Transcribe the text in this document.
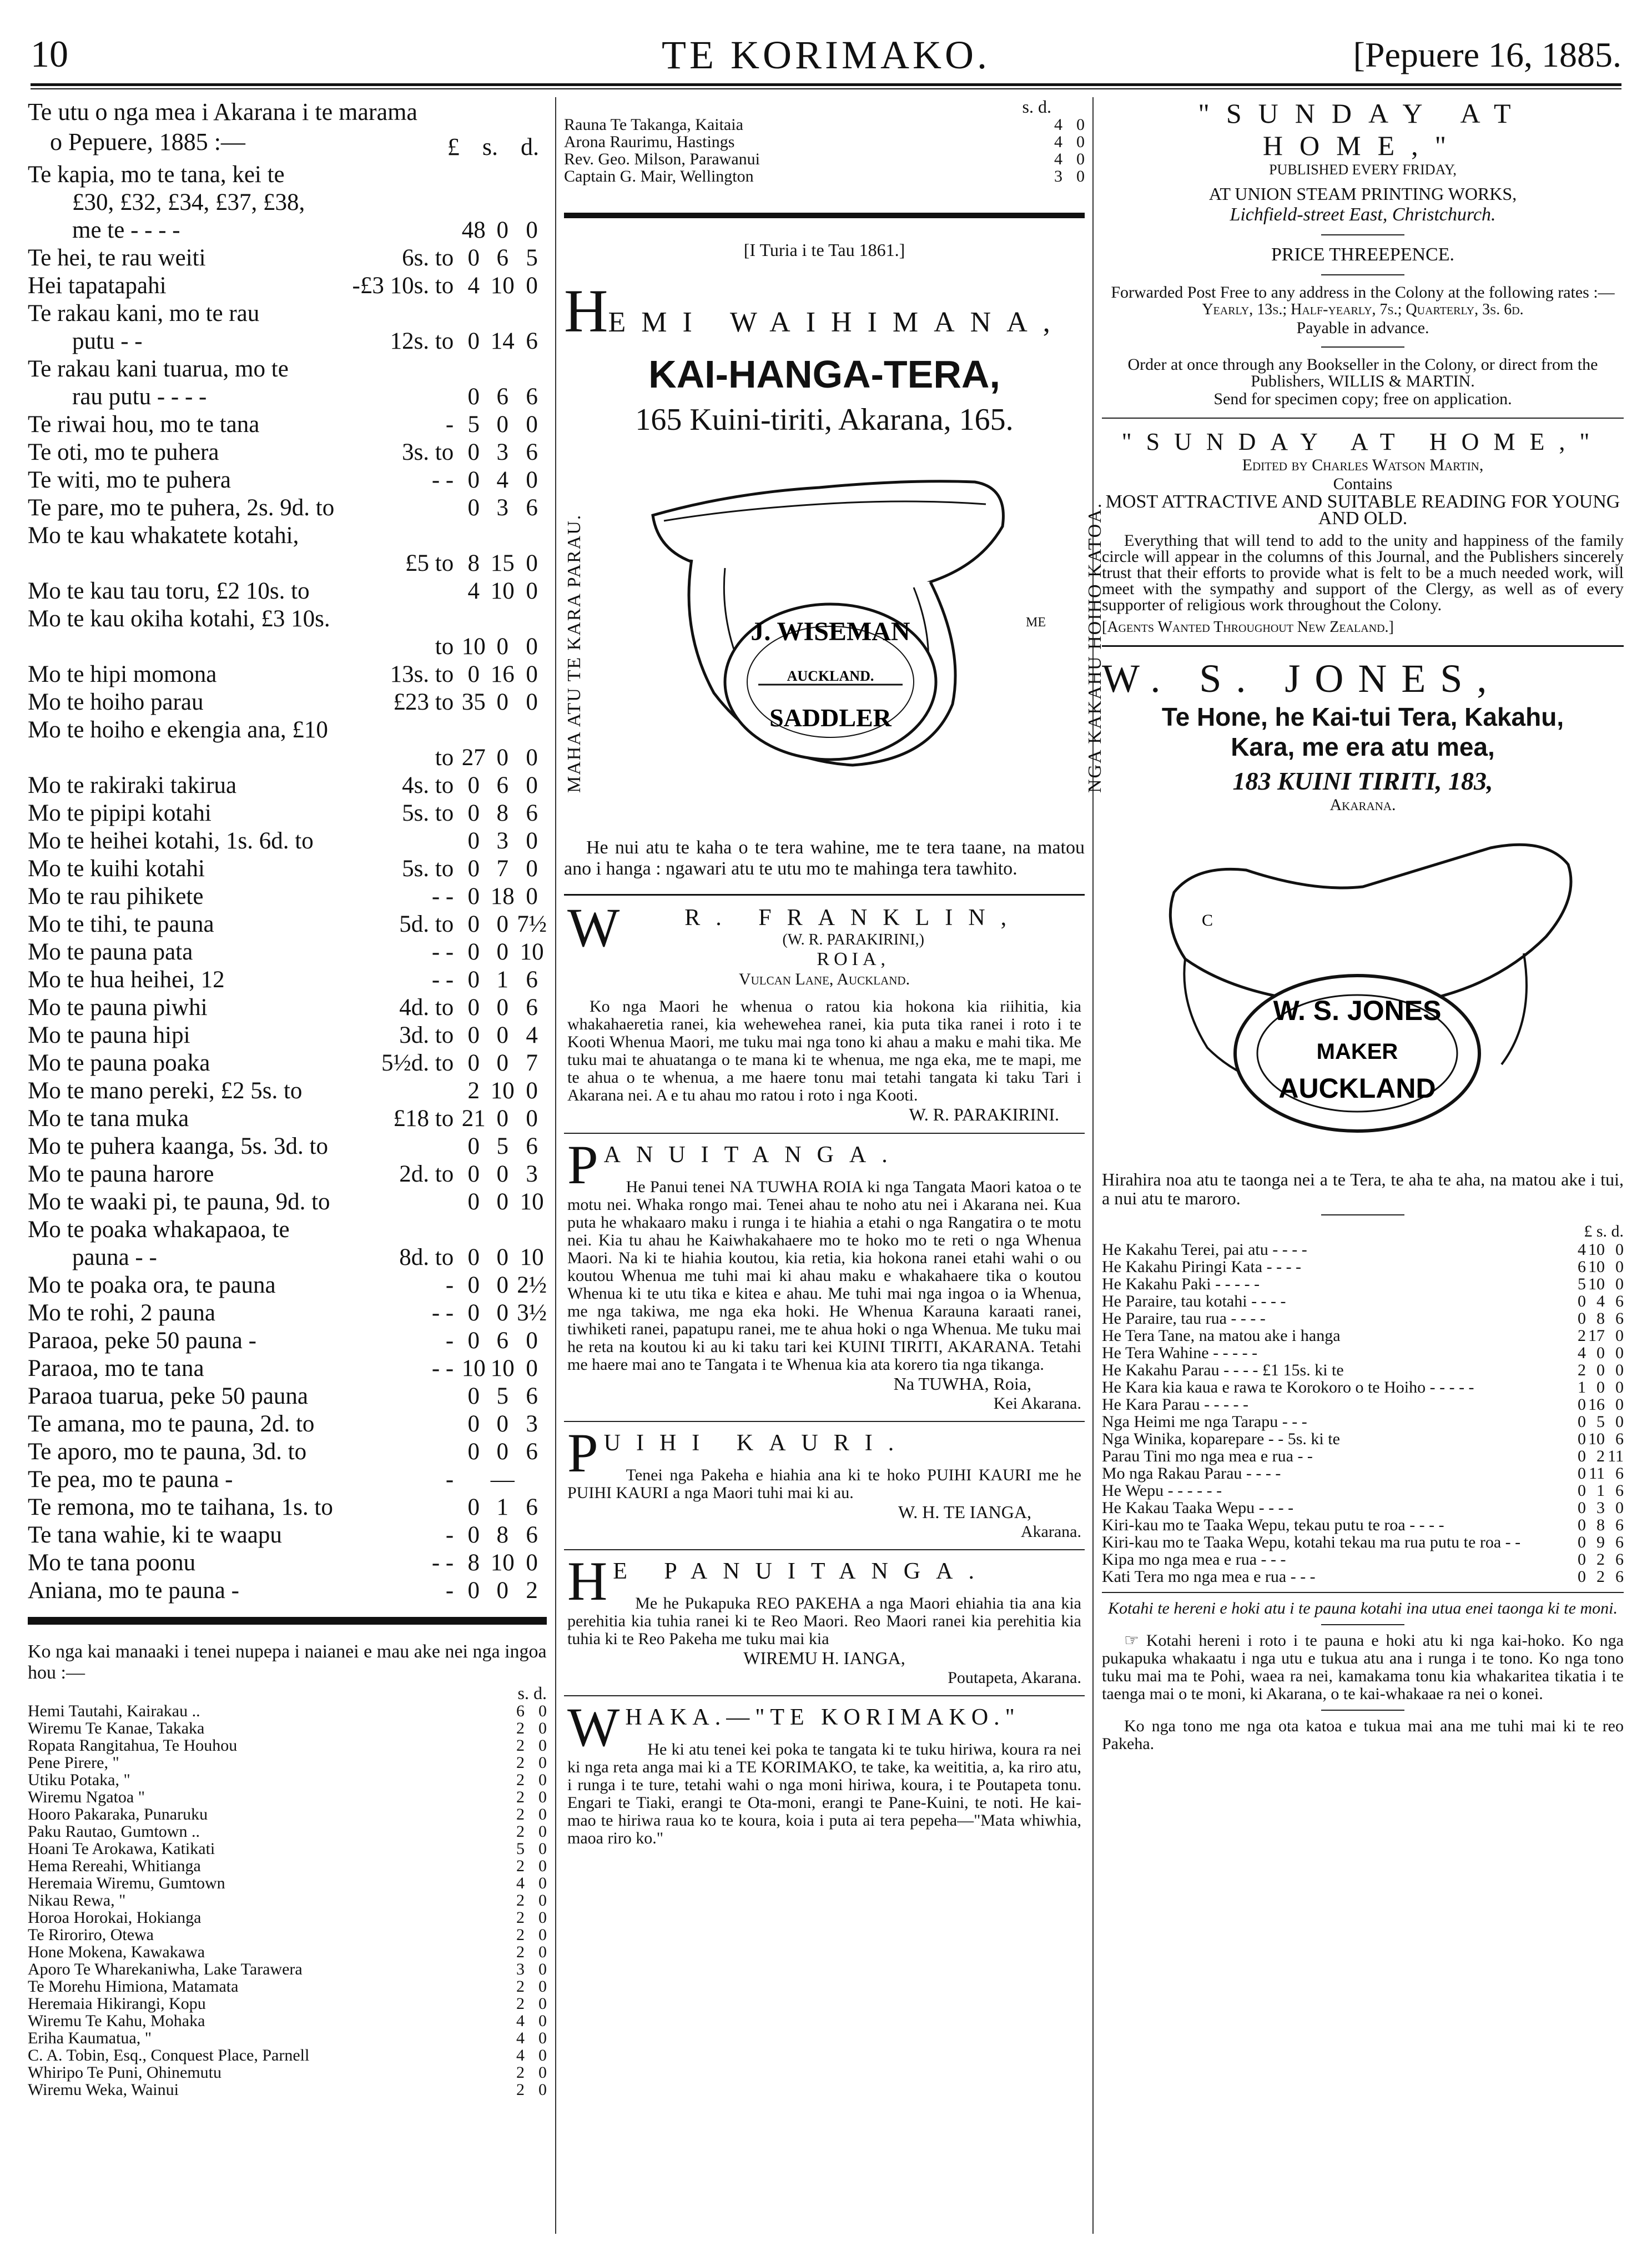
10	TE KORIMAKO.	[Pepuere 16, 1885.
Te utu o nga mea i Akarana i te marama
o Pepuere, 1885 :—	£ s. d.
Te kapia, mo te tana, kei te				
£30, £32, £34, £37, £38,				
me te - - - -		48	0	0
Te hei, te rau weiti	6s. to	0	6	5
Hei tapatapahi	-£3 10s. to	4	10	0
Te rakau kani, mo te rau				
putu - -	12s. to	0	14	6
Te rakau kani tuarua, mo te				
rau putu - - - -		0	6	6
Te riwai hou, mo te tana	-	5	0	0
Te oti, mo te puhera	3s. to	0	3	6
Te witi, mo te puhera	- -	0	4	0
Te pare, mo te puhera, 2s. 9d. to		0	3	6
Mo te kau whakatete kotahi,				
	£5 to	8	15	0
Mo te kau tau toru, £2 10s. to		4	10	0
Mo te kau okiha kotahi, £3 10s.				
	to	10	0	0
Mo te hipi momona	13s. to	0	16	0
Mo te hoiho parau	£23 to	35	0	0
Mo te hoiho e ekengia ana, £10				
	to	27	0	0
Mo te rakiraki takirua	4s. to	0	6	0
Mo te pipipi kotahi	5s. to	0	8	6
Mo te heihei kotahi, 1s. 6d. to		0	3	0
Mo te kuihi kotahi	5s. to	0	7	0
Mo te rau pihikete	- -	0	18	0
Mo te tihi, te pauna	5d. to	0	0	7½
Mo te pauna pata	- -	0	0	10
Mo te hua heihei, 12	- -	0	1	6
Mo te pauna piwhi	4d. to	0	0	6
Mo te pauna hipi	3d. to	0	0	4
Mo te pauna poaka	5½d. to	0	0	7
Mo te mano pereki, £2 5s. to		2	10	0
Mo te tana muka	£18 to	21	0	0
Mo te puhera kaanga, 5s. 3d. to		0	5	6
Mo te pauna harore	2d. to	0	0	3
Mo te waaki pi, te pauna, 9d. to		0	0	10
Mo te poaka whakapaoa, te				
pauna - -	8d. to	0	0	10
Mo te poaka ora, te pauna	-	0	0	2½
Mo te rohi, 2 pauna	- -	0	0	3½
Paraoa, peke 50 pauna -	-	0	6	0
Paraoa, mo te tana	- -	10	10	0
Paraoa tuarua, peke 50 pauna		0	5	6
Te amana, mo te pauna, 2d. to		0	0	3
Te aporo, mo te pauna, 3d. to		0	0	6
Te pea, mo te pauna -	-		—	
Te remona, mo te taihana, 1s. to		0	1	6
Te tana wahie, ki te waapu	-	0	8	6
Mo te tana poonu	- -	8	10	0
Aniana, mo te pauna -	-	0	0	2
Ko nga kai manaaki i tenei nupepa i naianei e mau ake nei nga ingoa hou :—
s. d.
Hemi Tautahi, Kairakau ..	6	0
Wiremu Te Kanae, Takaka	2	0
Ropata Rangitahua, Te Houhou	2	0
Pene Pirere, "	2	0
Utiku Potaka, "	2	0
Wiremu Ngatoa "	2	0
Hooro Pakaraka, Punaruku	2	0
Paku Rautao, Gumtown ..	2	0
Hoani Te Arokawa, Katikati	5	0
Hema Rereahi, Whitianga	2	0
Heremaia Wiremu, Gumtown	4	0
Nikau Rewa, "	2	0
Horoa Horokai, Hokianga	2	0
Te Riroriro, Otewa	2	0
Hone Mokena, Kawakawa	2	0
Aporo Te Wharekaniwha, Lake Tarawera	3	0
Te Morehu Himiona, Matamata	2	0
Heremaia Hikirangi, Kopu	2	0
Wiremu Te Kahu, Mohaka	4	0
Eriha Kaumatua, "	4	0
C. A. Tobin, Esq., Conquest Place, Parnell	4	0
Whiripo Te Puni, Ohinemutu	2	0
Wiremu Weka, Wainui	2	0
s. d.
Rauna Te Takanga, Kaitaia	4	0
Arona Raurimu, Hastings	4	0
Rev. Geo. Milson, Parawanui	4	0
Captain G. Mair, Wellington	3	0
[I Turia i te Tau 1861.]
HEMI WAIHIMANA,
KAI-HANGA-TERA,
165 Kuini-tiriti, Akarana, 165.
MAHA ATU TE KARA PARAU.	NGA KAKAHU HOIHO KATOA.
ME
J. WISEMAN
AUCKLAND.
SADDLER

He nui atu te kaha o te tera wahine, me te tera taane, na matou ano i hanga : ngawari atu te utu mo te mahinga tera tawhito.

W	R. FRANKLIN,
(W. R. PARAKIRINI,)
ROIA,
Vulcan Lane, Auckland.

Ko nga Maori he whenua o ratou kia hokona kia riihitia, kia whakahaeretia ranei, kia wehewehea ranei, kia puta tika ranei i roto i te Kooti Whenua Maori, me tuku mai nga tono ki ahau a maku e mahi tika. Me tuku mai te ahuatanga o te mana ki te whenua, me nga eka, me te mapi, me te ahua o te whenua, a me haere tonu mai tetahi tangata ki taku Tari i Akarana nei. A e tu ahau mo ratou i roto i nga Kooti.

W. R. PARAKIRINI.
P ANUITANGA.

He Panui tenei NA TUWHA ROIA ki nga Tangata Maori katoa o te motu nei. Whaka rongo mai. Tenei ahau te noho atu nei i Akarana nei. Kua puta he whakaaro maku i runga i te hiahia a etahi o nga Rangatira o te motu nei. Kia tu ahau he Kaiwhakahaere mo te hoko mo te reti o nga Whenua Maori. Na ki te hiahia koutou, kia retia, kia hokona ranei etahi wahi o ou koutou Whenua me tuhi mai ki ahau maku e whakahaere tika o koutou Whenua ki te utu tika e kitea e ahau. Me tuhi mai nga ingoa o ia Whenua, me nga takiwa, me nga eka hoki. He Whenua Karauna karaati ranei, tiwhiketi ranei, papatupu ranei, me te ahua hoki o nga Whenua. Me tuku mai he reta na koutou ki au ki taku tari kei KUINI TIRITI, AKARANA. Tetahi me haere mai ano te Tangata i te Whenua kia ata korero tia nga tikanga.

Na TUWHA, Roia,
Kei Akarana.
P UIHI KAURI.

Tenei nga Pakeha e hiahia ana ki te hoko PUIHI KAURI me he PUIHI KAURI a nga Maori tuhi mai ki au.

W. H. TE IANGA,
Akarana.
H E PANUITANGA.

Me he Pukapuka REO PAKEHA a nga Maori ehiahia tia ana kia perehitia kia tuhia ranei ki te Reo Maori. Reo Maori ranei kia perehitia kia tuhia ki te Reo Pakeha me tuku mai kia

WIREMU H. IANGA,
Poutapeta, Akarana.
W HAKA.—"TE KORIMAKO."

He ki atu tenei kei poka te tangata ki te tuku hiriwa, koura ra nei ki nga reta anga mai ki a TE KORIMAKO, te take, ka weititia, a, ka riro atu, i runga i te ture, tetahi wahi o nga moni hiriwa, koura, i te Poutapeta tonu. Engari te Tiaki, erangi te Ota-moni, erangi te Pane-Kuini, te noti. He kai-mao te hiriwa raua ko te koura, koia i puta ai tera pepeha—"Mata whiwhia, maoa riro ko."

"SUNDAY AT HOME,"
PUBLISHED EVERY FRIDAY,
AT UNION STEAM PRINTING WORKS,
Lichfield-street East, Christchurch.
PRICE THREEPENCE.
Forwarded Post Free to any address in the Colony at the following rates :—
Yearly, 13s.; Half-yearly, 7s.; Quarterly, 3s. 6d.
Payable in advance.
Order at once through any Bookseller in the Colony, or direct from the Publishers, WILLIS & MARTIN.
Send for specimen copy; free on application.
"SUNDAY AT HOME,"
Edited by Charles Watson Martin,
Contains
MOST ATTRACTIVE AND SUITABLE READING FOR YOUNG AND OLD.

Everything that will tend to add to the unity and happiness of the family circle will appear in the columns of this Journal, and the Publishers sincerely trust that their efforts to provide what is felt to be a much needed work, will meet with the sympathy and support of the Clergy, as well as of every supporter of religious work throughout the Colony.

[Agents Wanted Throughout New Zealand.]
W. S. JONES,
Te Hone, he Kai-tui Tera, Kakahu,
Kara, me era atu mea,
183 KUINI TIRITI, 183,
Akarana.
C
W. S. JONES
MAKER
AUCKLAND
Hirahira noa atu te taonga nei a te Tera, te aha te aha, na matou ake i tui, a nui atu te maroro.
£ s. d.
He Kakahu Terei, pai atu - - - -	4	10	0
He Kakahu Piringi Kata - - - -	6	10	0
He Kakahu Paki - - - - -	5	10	0
He Paraire, tau kotahi - - - -	0	4	6
He Paraire, tau rua - - - -	0	8	6
He Tera Tane, na matou ake i hanga	2	17	0
He Tera Wahine - - - - -	4	0	0
He Kakahu Parau - - - - £1 15s. ki te	2	0	0
He Kara kia kaua e rawa te Korokoro o te Hoiho - - - - -	1	0	0
He Kara Parau - - - - -	0	16	0
Nga Heimi me nga Tarapu - - -	0	5	0
Nga Winika, koparepare - - 5s. ki te	0	10	6
Parau Tini mo nga mea e rua - -	0	2	11
Mo nga Rakau Parau - - - -	0	11	6
He Wepu - - - - - -	0	1	6
He Kakau Taaka Wepu - - - -	0	3	0
Kiri-kau mo te Taaka Wepu, tekau putu te roa - - - -	0	8	6
Kiri-kau mo te Taaka Wepu, kotahi tekau ma rua putu te roa - -	0	9	6
Kipa mo nga mea e rua - - -	0	2	6
Kati Tera mo nga mea e rua - - -	0	2	6
Kotahi te hereni e hoki atu i te pauna kotahi ina utua enei taonga ki te moni.

☞ Kotahi hereni i roto i te pauna e hoki atu ki nga kai-hoko. Ko nga pukapuka whakaatu i nga utu e tukua atu ana i runga i te tono. Ko nga tono tuku mai ma te Pohi, waea ra nei, kamakama tonu kia whakaritea tikatia i te taenga mai o te moni, ki Akarana, o te kai-whakaae ra nei o konei.

Ko nga tono me nga ota katoa e tukua mai ana me tuhi mai ki te reo Pakeha.
